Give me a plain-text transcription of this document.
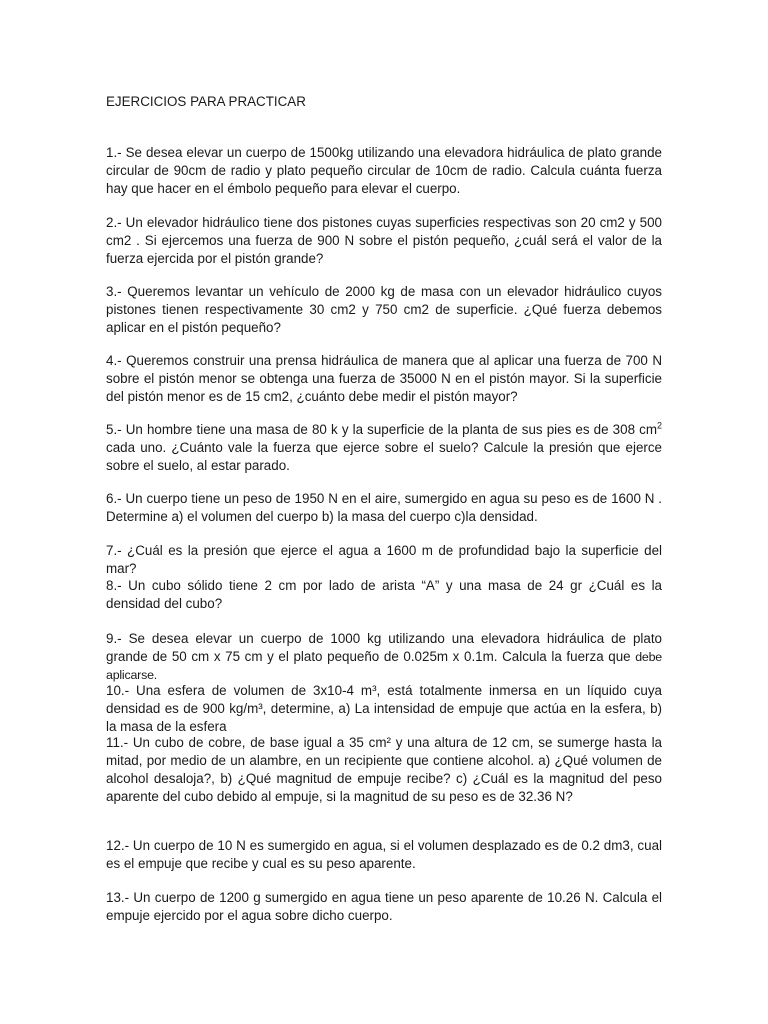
EJERCICIOS PARA PRACTICAR

1.- Se desea elevar un cuerpo de 1500kg utilizando una elevadora hidráulica de plato grande circular de 90cm de radio y plato pequeño circular de 10cm de radio. Calcula cuánta fuerza hay que hacer en el émbolo pequeño para elevar el cuerpo.

2.- Un elevador hidráulico tiene dos pistones cuyas superficies respectivas son 20 cm2 y 500 cm2 . Si ejercemos una fuerza de 900 N sobre el pistón pequeño, ¿cuál será el valor de la fuerza ejercida por el pistón grande?

3.- Queremos levantar un vehículo de 2000 kg de masa con un elevador hidráulico cuyos pistones tienen respectivamente 30 cm2 y 750 cm2 de superficie. ¿Qué fuerza debemos aplicar en el pistón pequeño?

4.- Queremos construir una prensa hidráulica de manera que al aplicar una fuerza de 700 N sobre el pistón menor se obtenga una fuerza de 35000 N en el pistón mayor. Si la superficie del pistón menor es de 15 cm2, ¿cuánto debe medir el pistón mayor?

5.- Un hombre tiene una masa de 80 k y la superficie de la planta de sus pies es de 308 $cm^2$ cada uno. ¿Cuánto vale la fuerza que ejerce sobre el suelo? Calcule la presión que ejerce sobre el suelo, al estar parado.

6.- Un cuerpo tiene un peso de 1950 N en el aire, sumergido en agua su peso es de 1600 N . Determine a) el volumen del cuerpo b) la masa del cuerpo c)la densidad.

7.- ¿Cuál es la presión que ejerce el agua a 1600 m de profundidad bajo la superficie del mar?

8.- Un cubo sólido tiene 2 cm por lado de arista “A” y una masa de 24 gr ¿Cuál es la densidad del cubo?

9.- Se desea elevar un cuerpo de 1000 kg utilizando una elevadora hidráulica de plato grande de 50 cm x 75 cm y el plato pequeño de 0.025m x 0.1m. Calcula la fuerza que debe aplicarse.

10.- Una esfera de volumen de 3x10-4 m³, está totalmente inmersa en un líquido cuya densidad es de 900 kg/m³, determine, a) La intensidad de empuje que actúa en la esfera, b) la masa de la esfera

11.- Un cubo de cobre, de base igual a 35 cm² y una altura de 12 cm, se sumerge hasta la mitad, por medio de un alambre, en un recipiente que contiene alcohol. a) ¿Qué volumen de alcohol desaloja?, b) ¿Qué magnitud de empuje recibe? c) ¿Cuál es la magnitud del peso aparente del cubo debido al empuje, si la magnitud de su peso es de 32.36 N?

12.- Un cuerpo de 10 N es sumergido en agua, si el volumen desplazado es de 0.2 dm3, cual es el empuje que recibe y cual es su peso aparente.

13.- Un cuerpo de 1200 g sumergido en agua tiene un peso aparente de 10.26 N. Calcula el empuje ejercido por el agua sobre dicho cuerpo.
